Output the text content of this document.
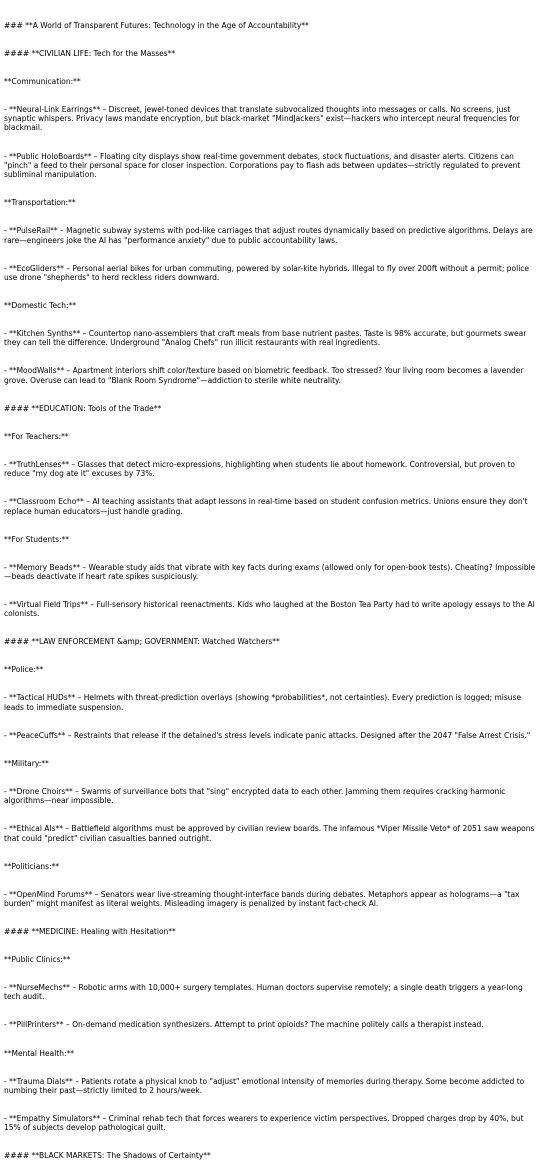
### **A World of Transparent Futures: Technology in the Age of Accountability**

#### **CIVILIAN LIFE: Tech for the Masses**

**Communication:**

- **Neural-Link Earrings** – Discreet, jewel-toned devices that translate subvocalized thoughts into messages or calls. No screens, just synaptic whispers. Privacy laws mandate encryption, but black-market "MindJackers" exist—hackers who intercept neural frequencies for blackmail.

- **Public HoloBoards** – Floating city displays show real-time government debates, stock fluctuations, and disaster alerts. Citizens can "pinch" a feed to their personal space for closer inspection. Corporations pay to flash ads between updates—strictly regulated to prevent subliminal manipulation.

**Transportation:**

- **PulseRail** – Magnetic subway systems with pod-like carriages that adjust routes dynamically based on predictive algorithms. Delays are rare—engineers joke the AI has "performance anxiety" due to public accountability laws.

- **EcoGliders** – Personal aerial bikes for urban commuting, powered by solar-kite hybrids. Illegal to fly over 200ft without a permit; police use drone "shepherds" to herd reckless riders downward.

**Domestic Tech:**

- **Kitchen Synths** – Countertop nano-assemblers that craft meals from base nutrient pastes. Taste is 98% accurate, but gourmets swear they can tell the difference. Underground "Analog Chefs" run illicit restaurants with real ingredients.

- **MoodWalls** – Apartment interiors shift color/texture based on biometric feedback. Too stressed? Your living room becomes a lavender grove. Overuse can lead to "Blank Room Syndrome"—addiction to sterile white neutrality.

#### **EDUCATION: Tools of the Trade**

**For Teachers:**

- **TruthLenses** – Glasses that detect micro-expressions, highlighting when students lie about homework. Controversial, but proven to reduce "my dog ate it" excuses by 73%.

- **Classroom Echo** – AI teaching assistants that adapt lessons in real-time based on student confusion metrics. Unions ensure they don't replace human educators—just handle grading.

**For Students:**

- **Memory Beads** – Wearable study aids that vibrate with key facts during exams (allowed only for open-book tests). Cheating? Impossible—beads deactivate if heart rate spikes suspiciously.

- **Virtual Field Trips** – Full-sensory historical reenactments. Kids who laughed at the Boston Tea Party had to write apology essays to the AI colonists.

#### **LAW ENFORCEMENT &amp; GOVERNMENT: Watched Watchers**

**Police:**

- **Tactical HUDs** – Helmets with threat-prediction overlays (showing *probabilities*, not certainties). Every prediction is logged; misuse leads to immediate suspension.

- **PeaceCuffs** – Restraints that release if the detained's stress levels indicate panic attacks. Designed after the 2047 "False Arrest Crisis."

**Military:**

- **Drone Choirs** – Swarms of surveillance bots that "sing" encrypted data to each other. Jamming them requires cracking harmonic algorithms—near impossible.

- **Ethical AIs** – Battlefield algorithms must be approved by civilian review boards. The infamous *Viper Missile Veto* of 2051 saw weapons that could "predict" civilian casualties banned outright.

**Politicians:**

- **OpenMind Forums** – Senators wear live-streaming thought-interface bands during debates. Metaphors appear as holograms—a "tax burden" might manifest as literal weights. Misleading imagery is penalized by instant fact-check AI.

#### **MEDICINE: Healing with Hesitation**

**Public Clinics:**

- **NurseMechs** – Robotic arms with 10,000+ surgery templates. Human doctors supervise remotely; a single death triggers a year-long tech audit.

- **PillPrinters** – On-demand medication synthesizers. Attempt to print opioids? The machine politely calls a therapist instead.

**Mental Health:**

- **Trauma Dials** – Patients rotate a physical knob to "adjust" emotional intensity of memories during therapy. Some become addicted to numbing their past—strictly limited to 2 hours/week.

- **Empathy Simulators** – Criminal rehab tech that forces wearers to experience victim perspectives. Dropped charges drop by 40%, but 15% of subjects develop pathological guilt.

#### **BLACK MARKETS: The Shadows of Certainty**
